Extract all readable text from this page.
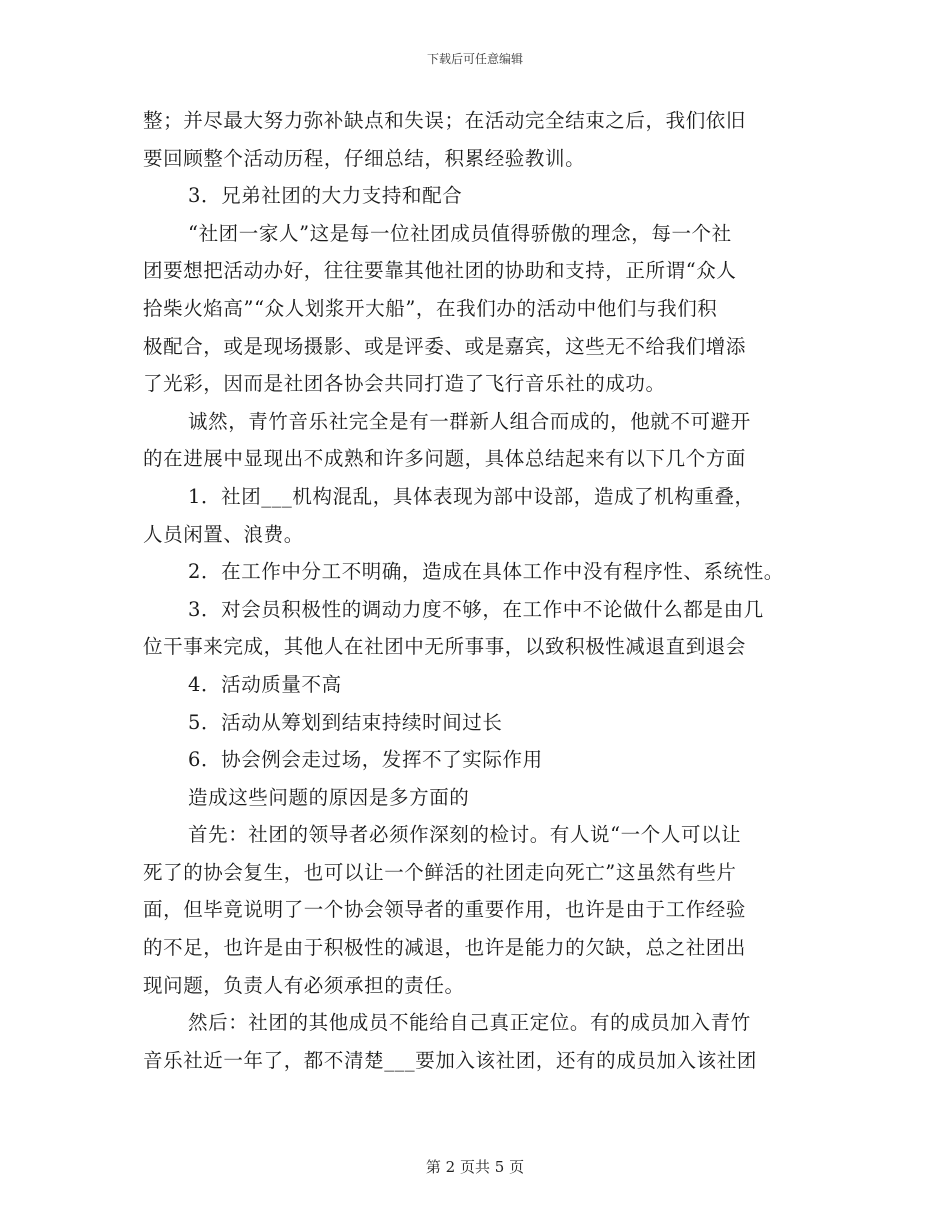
下载后可任意编辑
整；并尽最大努力弥补缺点和失误；在活动完全结束之后，我们依旧
要回顾整个活动历程，仔细总结，积累经验教训。
3．兄弟社团的大力支持和配合
“社团一家人”这是每一位社团成员值得骄傲的理念，每一个社
团要想把活动办好，往往要靠其他社团的协助和支持，正所谓“众人
拾柴火焰高”“众人划浆开大船”，在我们办的活动中他们与我们积
极配合，或是现场摄影、或是评委、或是嘉宾，这些无不给我们增添
了光彩，因而是社团各协会共同打造了飞行音乐社的成功。
诚然，青竹音乐社完全是有一群新人组合而成的，他就不可避开
的在进展中显现出不成熟和许多问题，具体总结起来有以下几个方面
1．社团___机构混乱，具体表现为部中设部，造成了机构重叠，
人员闲置、浪费。
2．在工作中分工不明确，造成在具体工作中没有程序性、系统性。
3．对会员积极性的调动力度不够，在工作中不论做什么都是由几
位干事来完成，其他人在社团中无所事事，以致积极性减退直到退会
4．活动质量不高
5．活动从筹划到结束持续时间过长
6．协会例会走过场，发挥不了实际作用
造成这些问题的原因是多方面的
首先：社团的领导者必须作深刻的检讨。有人说“一个人可以让
死了的协会复生，也可以让一个鲜活的社团走向死亡”这虽然有些片
面，但毕竟说明了一个协会领导者的重要作用，也许是由于工作经验
的不足，也许是由于积极性的减退，也许是能力的欠缺，总之社团出
现问题，负责人有必须承担的责任。
然后：社团的其他成员不能给自己真正定位。有的成员加入青竹
音乐社近一年了，都不清楚___要加入该社团，还有的成员加入该社团
第 2 页共 5 页
